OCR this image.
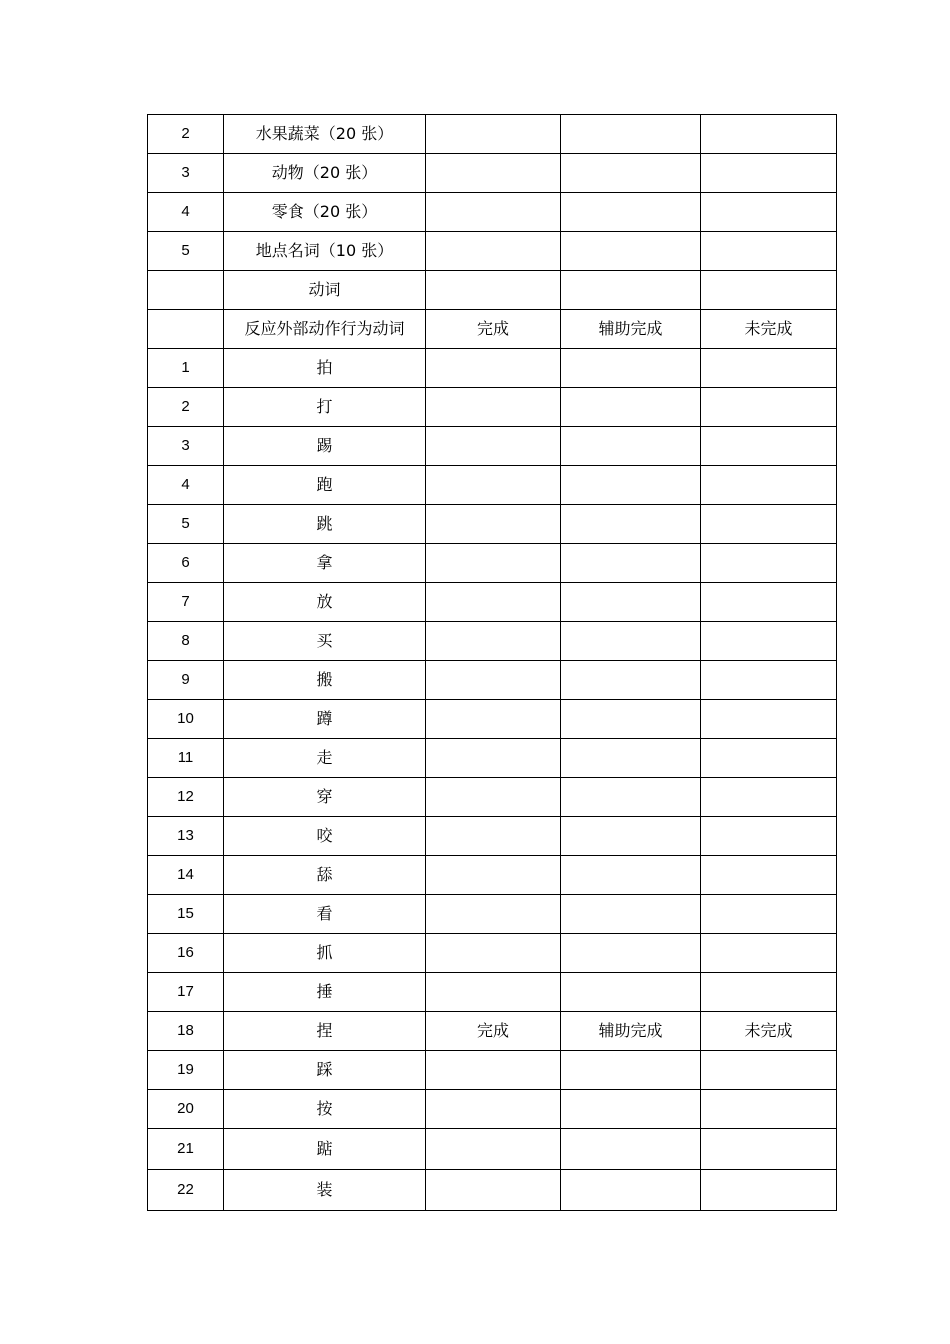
2	水果蔬菜（20 张）			
3	动物（20 张）			
4	零食（20 张）			
5	地点名词（10 张）			
	动词			
	反应外部动作行为动词	完成	辅助完成	未完成
1	拍			
2	打			
3	踢			
4	跑			
5	跳			
6	拿			
7	放			
8	买			
9	搬			
10	蹲			
11	走			
12	穿			
13	咬			
14	舔			
15	看			
16	抓			
17	捶			
18	捏	完成	辅助完成	未完成
19	踩			
20	按			
21	踮			
22	装			
